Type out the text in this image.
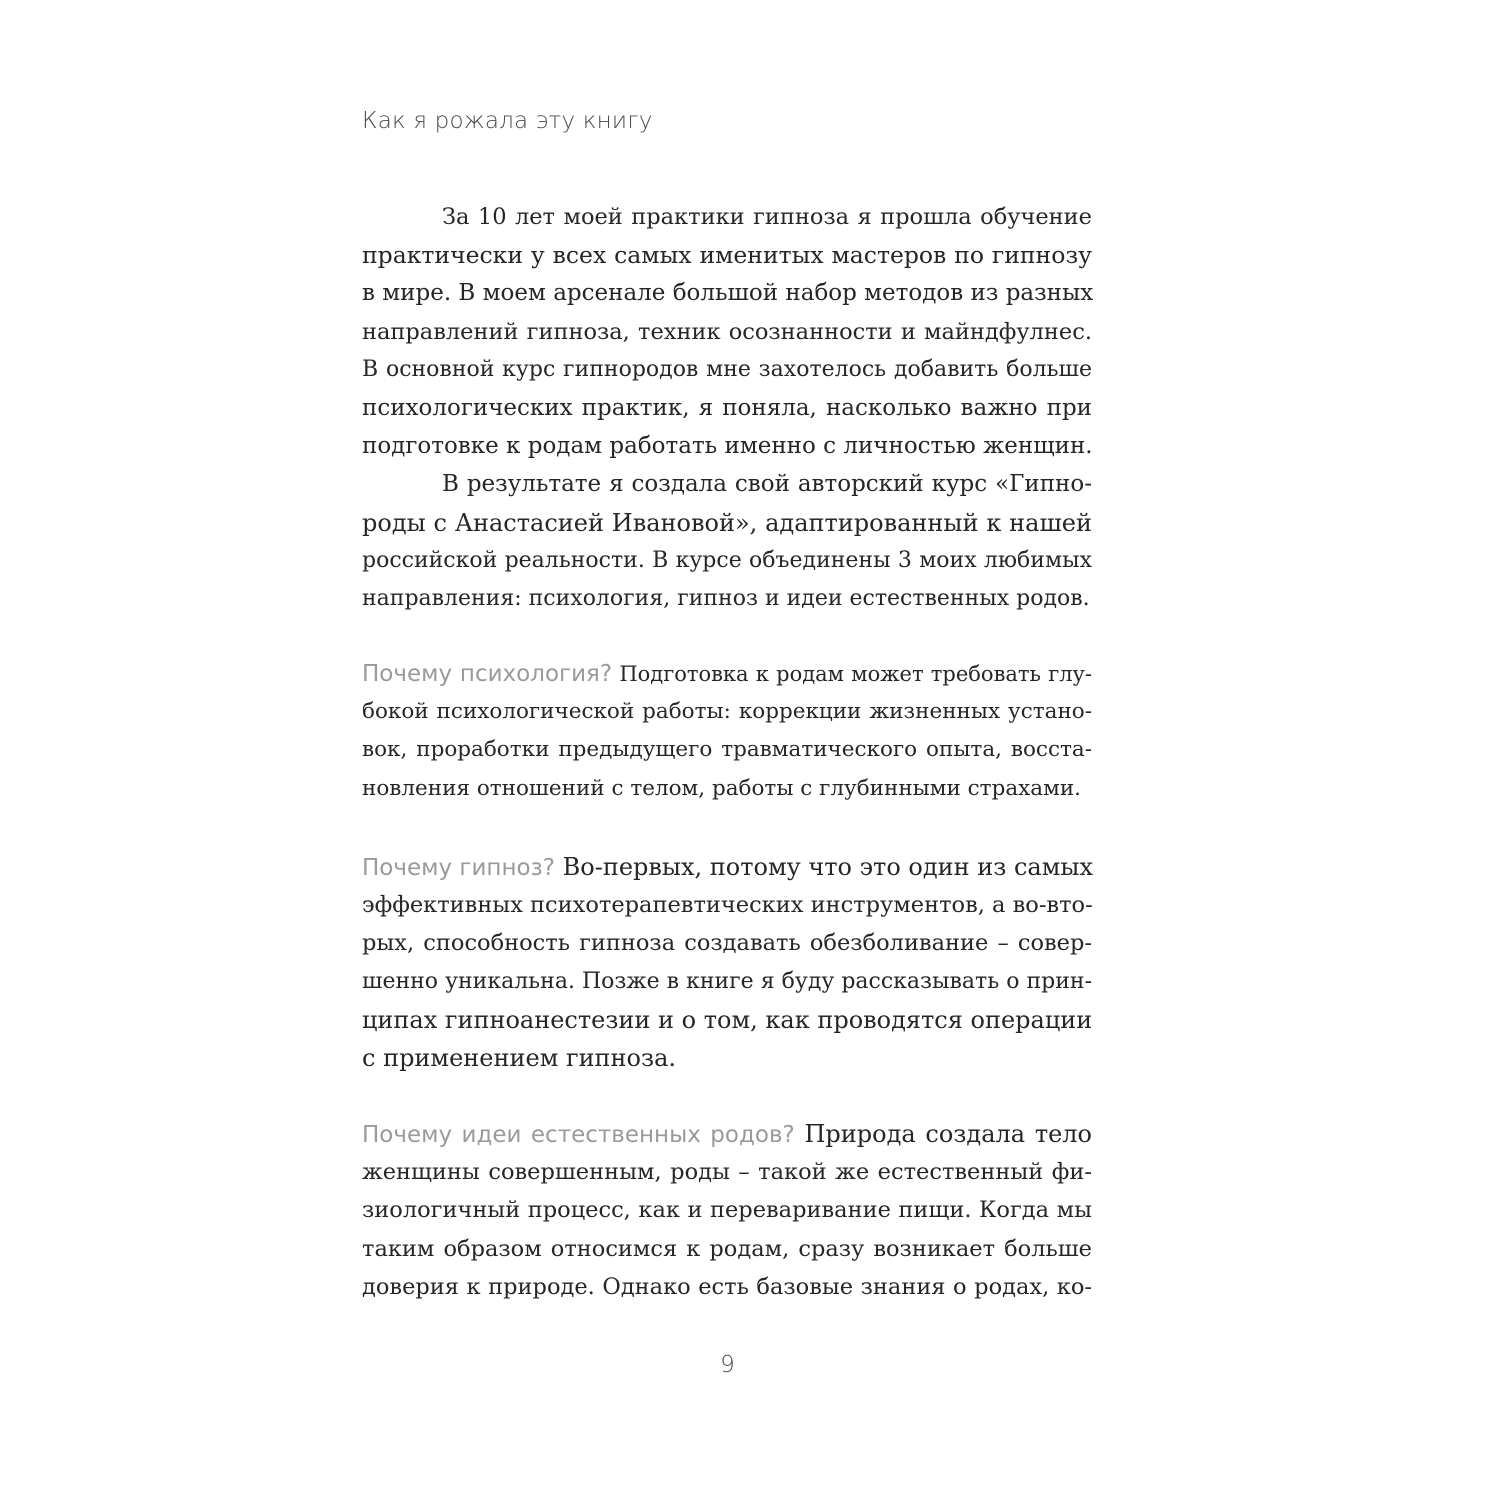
Как я рожала эту книгу
За 10 лет моей практики гипноза я прошла обучение
практически у всех самых именитых мастеров по гипнозу
в мире. В моем арсенале большой набор методов из разных
направлений гипноза, техник осознанности и майндфулнес.
В основной курс гипнородов мне захотелось добавить больше
психологических практик, я поняла, насколько важно при
подготовке к родам работать именно с личностью женщин.
В результате я создала свой авторский курс «Гипно-
роды с Анастасией Ивановой», адаптированный к нашей
российской реальности. В курсе объединены 3 моих любимых
направления: психология, гипноз и идеи естественных родов.
Почему психология? Подготовка к родам может требовать глу-
бокой психологической работы: коррекции жизненных устано-
вок, проработки предыдущего травматического опыта, восста-
новления отношений с телом, работы с глубинными страхами.
Почему гипноз? Во-первых, потому что это один из самых
эффективных психотерапевтических инструментов, а во-вто-
рых, способность гипноза создавать обезболивание – совер-
шенно уникальна. Позже в книге я буду рассказывать о прин-
ципах гипноанестезии и о том, как проводятся операции
с применением гипноза.
Почему идеи естественных родов? Природа создала тело
женщины совершенным, роды – такой же естественный фи-
зиологичный процесс, как и переваривание пищи. Когда мы
таким образом относимся к родам, сразу возникает больше
доверия к природе. Однако есть базовые знания о родах, ко-
9
